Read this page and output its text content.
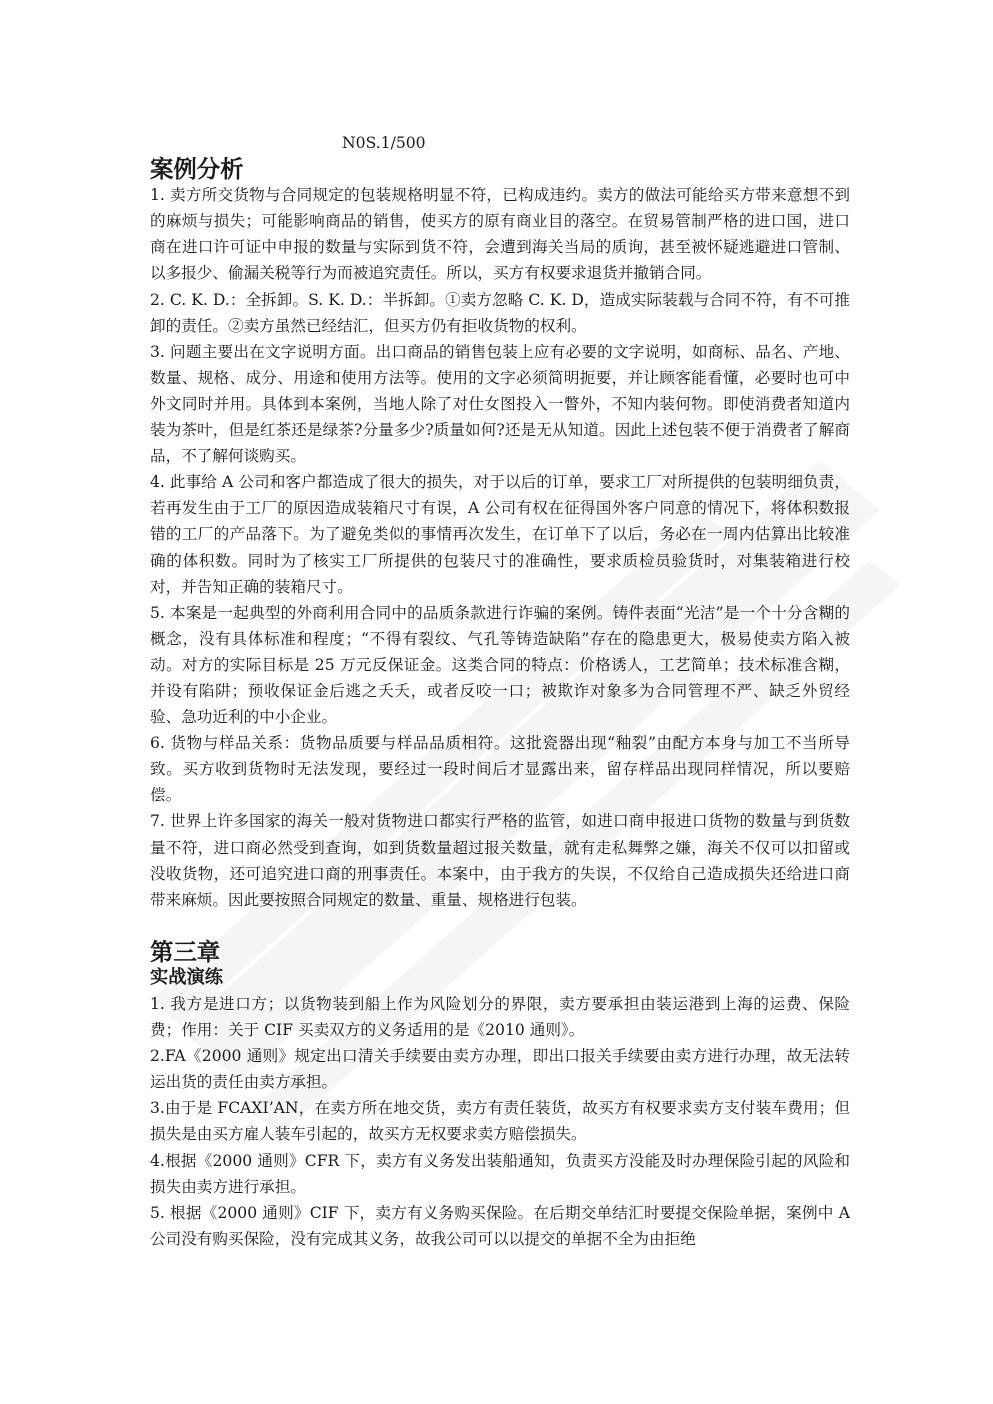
N0S.1/500

案例分析

1. 卖方所交货物与合同规定的包装规格明显不符，已构成违约。卖方的做法可能给买方带来意想不到的麻烦与损失；可能影响商品的销售，使买方的原有商业目的落空。在贸易管制严格的进口国，进口商在进口许可证中申报的数量与实际到货不符，会遭到海关当局的质询，甚至被怀疑逃避进口管制、以多报少、偷漏关税等行为而被追究责任。所以，买方有权要求退货并撤销合同。

2. C. K. D.：全拆卸。S. K. D.：半拆卸。①卖方忽略 C. K. D，造成实际装载与合同不符，有不可推卸的责任。②卖方虽然已经结汇，但买方仍有拒收货物的权利。

3. 问题主要出在文字说明方面。出口商品的销售包装上应有必要的文字说明，如商标、品名、产地、数量、规格、成分、用途和使用方法等。使用的文字必须简明扼要，并让顾客能看懂，必要时也可中外文同时并用。具体到本案例，当地人除了对仕女图投入一瞥外，不知内装何物。即使消费者知道内装为茶叶，但是红茶还是绿茶?分量多少?质量如何?还是无从知道。因此上述包装不便于消费者了解商品，不了解何谈购买。

4. 此事给 A 公司和客户都造成了很大的损失，对于以后的订单，要求工厂对所提供的包装明细负责，若再发生由于工厂的原因造成装箱尺寸有误，A 公司有权在征得国外客户同意的情况下，将体积数报错的工厂的产品落下。为了避免类似的事情再次发生，在订单下了以后，务必在一周内估算出比较准确的体积数。同时为了核实工厂所提供的包装尺寸的准确性，要求质检员验货时，对集装箱进行校对，并告知正确的装箱尺寸。

5. 本案是一起典型的外商利用合同中的品质条款进行诈骗的案例。铸件表面“光洁”是一个十分含糊的概念，没有具体标准和程度；“不得有裂纹、气孔等铸造缺陷”存在的隐患更大，极易使卖方陷入被动。对方的实际目标是 25 万元反保证金。这类合同的特点：价格诱人，工艺简单；技术标准含糊，并设有陷阱；预收保证金后逃之夭夭，或者反咬一口；被欺诈对象多为合同管理不严、缺乏外贸经验、急功近利的中小企业。

6. 货物与样品关系：货物品质要与样品品质相符。这批瓷器出现“釉裂”由配方本身与加工不当所导致。买方收到货物时无法发现，要经过一段时间后才显露出来，留存样品出现同样情况，所以要赔偿。

7. 世界上许多国家的海关一般对货物进口都实行严格的监管，如进口商申报进口货物的数量与到货数量不符，进口商必然受到查询，如到货数量超过报关数量，就有走私舞弊之嫌，海关不仅可以扣留或没收货物，还可追究进口商的刑事责任。本案中，由于我方的失误，不仅给自己造成损失还给进口商带来麻烦。因此要按照合同规定的数量、重量、规格进行包装。

第三章
实战演练

1. 我方是进口方；以货物装到船上作为风险划分的界限，卖方要承担由装运港到上海的运费、保险费；作用：关于 CIF 买卖双方的义务适用的是《2010 通则》。

2.FA《2000 通则》规定出口清关手续要由卖方办理，即出口报关手续要由卖方进行办理，故无法转运出货的责任由卖方承担。

3.由于是 FCAXI’AN，在卖方所在地交货，卖方有责任装货，故买方有权要求卖方支付装车费用；但损失是由买方雇人装车引起的，故买方无权要求卖方赔偿损失。

4.根据《2000 通则》CFR 下，卖方有义务发出装船通知，负责买方没能及时办理保险引起的风险和损失由卖方进行承担。

5. 根据《2000 通则》CIF 下，卖方有义务购买保险。在后期交单结汇时要提交保险单据，案例中 A 公司没有购买保险，没有完成其义务，故我公司可以以提交的单据不全为由拒绝
